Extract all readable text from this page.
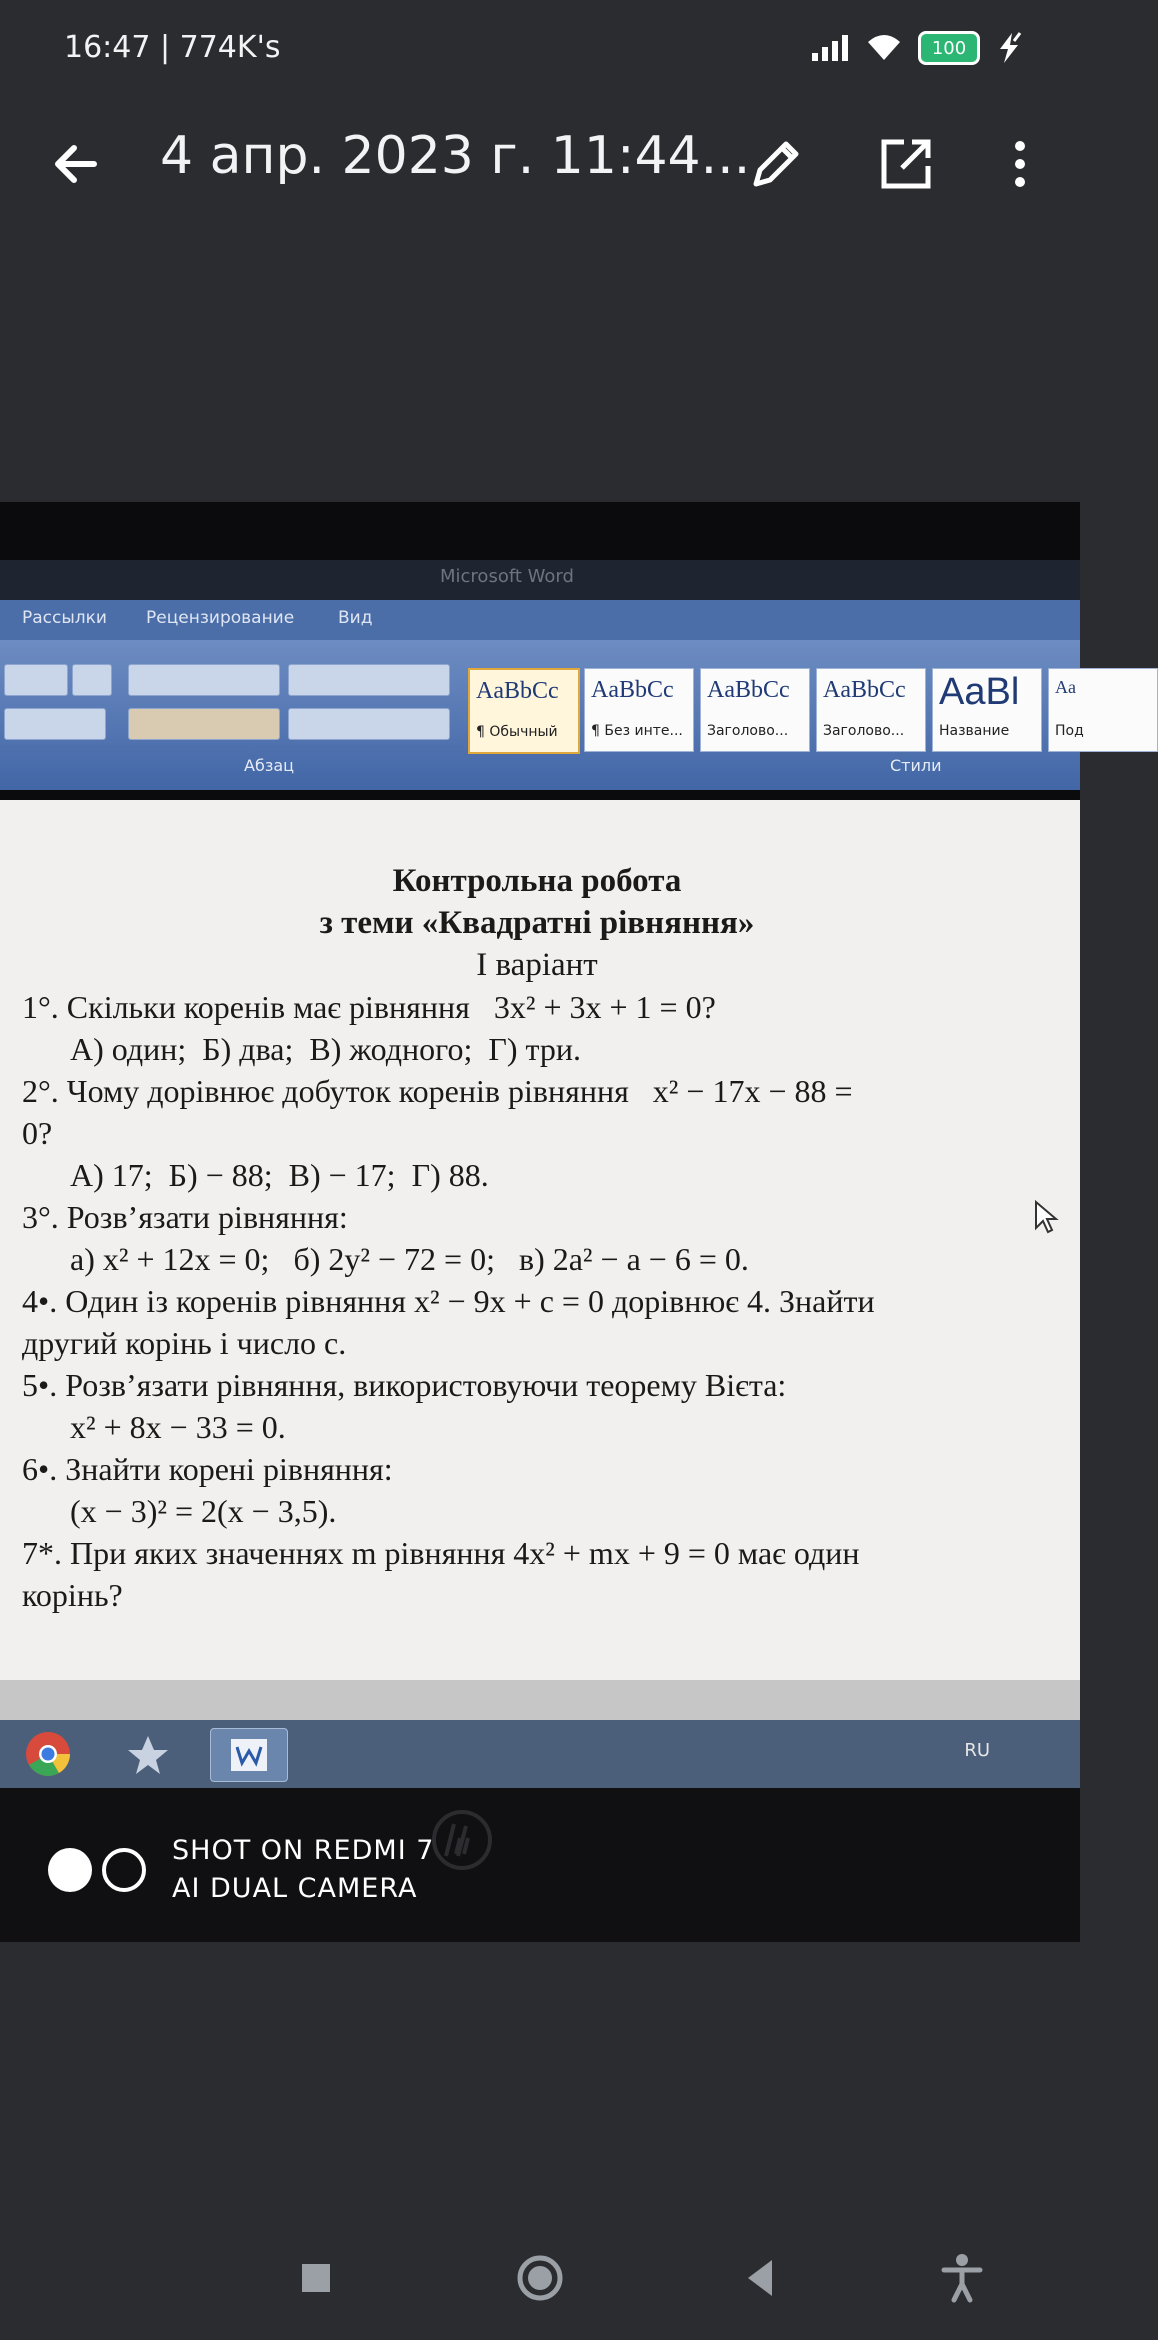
16:47 | 774K's	100
4 апр. 2023 г. 11:44...
Microsoft Word
Рассылки Рецензирование	Вид
Абзац	Стили
AaBbCc
¶ Обычный
AaBbCc
¶ Без инте...
AaBbCc
Заголово...
AaBbCc
Заголово...
AaBl
Название
Aa
Под
Контрольна робота
з теми «Квадратні рівняння»
І варіант
1°. Скільки коренів має рівняння   3x² + 3x + 1 = 0?
А) один;  Б) два;  В) жодного;  Г) три.
2°. Чому дорівнює добуток коренів рівняння   x² − 17x − 88 =
0?
А) 17;  Б) − 88;  В) − 17;  Г) 88.
3°. Розв’язати рівняння:
а) x² + 12x = 0;   б) 2y² − 72 = 0;   в) 2a² − a − 6 = 0.
4•. Один із коренів рівняння x² − 9x + c = 0 дорівнює 4. Знайти
другий корінь і число с.
5•. Розв’язати рівняння, використовуючи теорему Вієта:
x² + 8x − 33 = 0.
6•. Знайти корені рівняння:
(x − 3)² = 2(x − 3,5).
7*. При яких значеннях m рівняння 4x² + mx + 9 = 0 має один
корінь?
RU
SHOT ON REDMI 7
AI DUAL CAMERA
